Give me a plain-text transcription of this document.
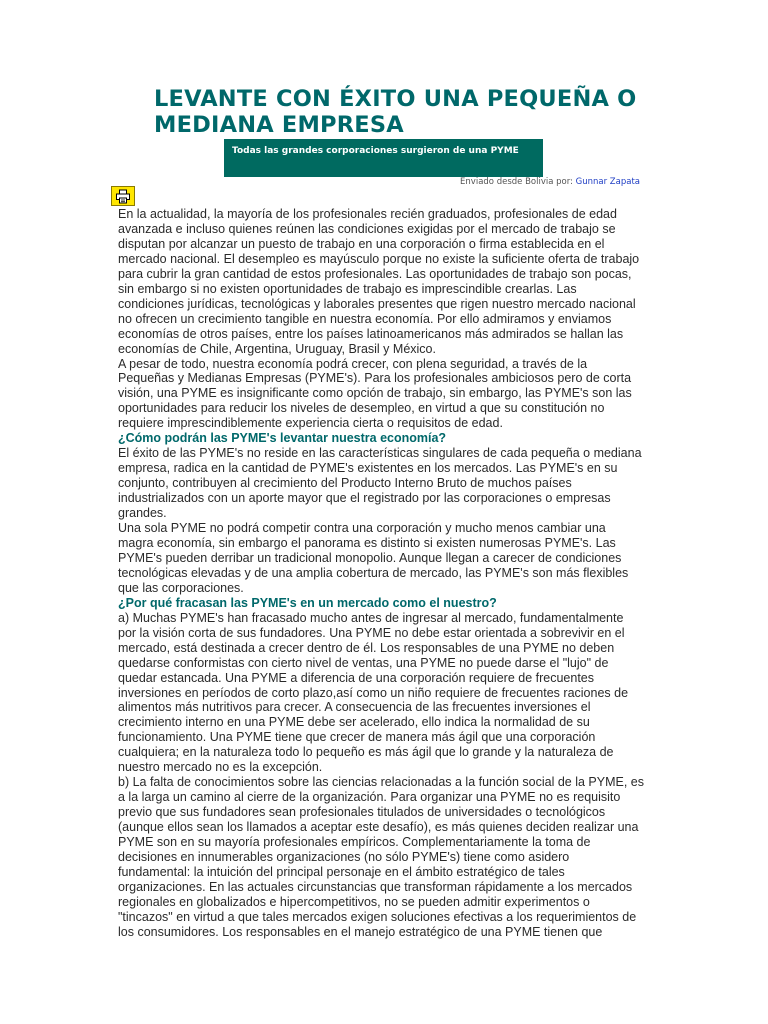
LEVANTE CON ÉXITO UNA PEQUEÑA O MEDIANA EMPRESA
Todas las grandes corporaciones surgieron de una PYME
Enviado desde Bolivia por: Gunnar Zapata

En la actualidad, la mayoría de los profesionales recién graduados, profesionales de edad avanzada e incluso quienes reúnen las condiciones exigidas por el mercado de trabajo se disputan por alcanzar un puesto de trabajo en una corporación o firma establecida en el mercado nacional. El desempleo es mayúsculo porque no existe la suficiente oferta de trabajo para cubrir la gran cantidad de estos profesionales. Las oportunidades de trabajo son pocas, sin embargo si no existen oportunidades de trabajo es imprescindible crearlas. Las condiciones jurídicas, tecnológicas y laborales presentes que rigen nuestro mercado nacional no ofrecen un crecimiento tangible en nuestra economía. Por ello admiramos y enviamos economías de otros países, entre los países latinoamericanos más admirados se hallan las economías de Chile, Argentina, Uruguay, Brasil y México.

A pesar de todo, nuestra economía podrá crecer, con plena seguridad, a través de la Pequeñas y Medianas Empresas (PYME's). Para los profesionales ambiciosos pero de corta visión, una PYME es insignificante como opción de trabajo, sin embargo, las PYME's son las oportunidades para reducir los niveles de desempleo, en virtud a que su constitución no requiere imprescindiblemente experiencia cierta o requisitos de edad.

¿Cómo podrán las PYME's levantar nuestra economía?

El éxito de las PYME's no reside en las características singulares de cada pequeña o mediana empresa, radica en la cantidad de PYME's existentes en los mercados. Las PYME's en su conjunto, contribuyen al crecimiento del Producto Interno Bruto de muchos países industrializados con un aporte mayor que el registrado por las corporaciones o empresas grandes.

Una sola PYME no podrá competir contra una corporación y mucho menos cambiar una magra economía, sin embargo el panorama es distinto si existen numerosas PYME's. Las PYME's pueden derribar un tradicional monopolio. Aunque llegan a carecer de condiciones tecnológicas elevadas y de una amplia cobertura de mercado, las PYME's son más flexibles que las corporaciones.

¿Por qué fracasan las PYME's en un mercado como el nuestro?

a) Muchas PYME's han fracasado mucho antes de ingresar al mercado, fundamentalmente por la visión corta de sus fundadores. Una PYME no debe estar orientada a sobrevivir en el mercado, está destinada a crecer dentro de él. Los responsables de una PYME no deben quedarse conformistas con cierto nivel de ventas, una PYME no puede darse el "lujo" de quedar estancada. Una PYME a diferencia de una corporación requiere de frecuentes inversiones en períodos de corto plazo,así como un niño requiere de frecuentes raciones de alimentos más nutritivos para crecer. A consecuencia de las frecuentes inversiones el crecimiento interno en una PYME debe ser acelerado, ello indica la normalidad de su funcionamiento. Una PYME tiene que crecer de manera más ágil que una corporación cualquiera; en la naturaleza todo lo pequeño es más ágil que lo grande y la naturaleza de nuestro mercado no es la excepción.

b) La falta de conocimientos sobre las ciencias relacionadas a la función social de la PYME, es a la larga un camino al cierre de la organización. Para organizar una PYME no es requisito previo que sus fundadores sean profesionales titulados de universidades o tecnológicos (aunque ellos sean los llamados a aceptar este desafío), es más quienes deciden realizar una PYME son en su mayoría profesionales empíricos. Complementariamente la toma de decisiones en innumerables organizaciones (no sólo PYME's) tiene como asidero fundamental: la intuición del principal personaje en el ámbito estratégico de tales organizaciones. En las actuales circunstancias que transforman rápidamente a los mercados regionales en globalizados e hipercompetitivos, no se pueden admitir experimentos o "tincazos" en virtud a que tales mercados exigen soluciones efectivas a los requerimientos de los consumidores. Los responsables en el manejo estratégico de una PYME tienen que
